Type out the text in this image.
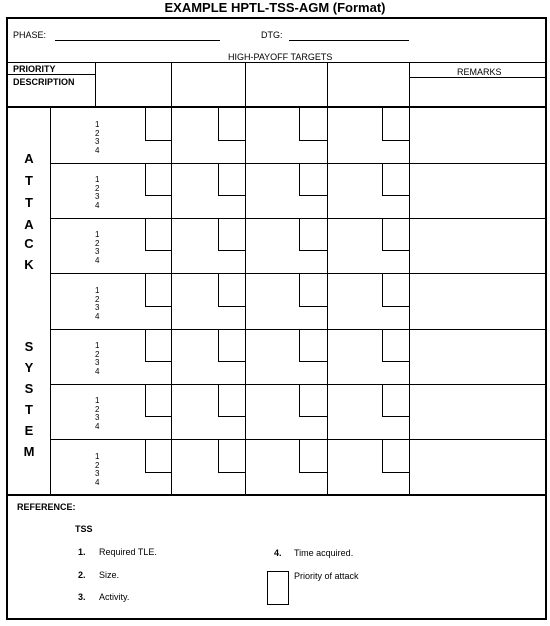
EXAMPLE HPTL-TSS-AGM (Format)
PHASE:	DTG:
HIGH-PAYOFF TARGETS
PRIORITY
DESCRIPTION
REMARKS
A
T
T
A
C
K
S
Y
S
T
E
M
1
2
3
4
1
2
3
4
1
2
3
4
1
2
3
4
1
2
3
4
1
2
3
4
1
2
3
4
REFERENCE:
TSS
1. Required TLE.
2. Size.
3. Activity.
4. Time acquired.
Priority of attack
